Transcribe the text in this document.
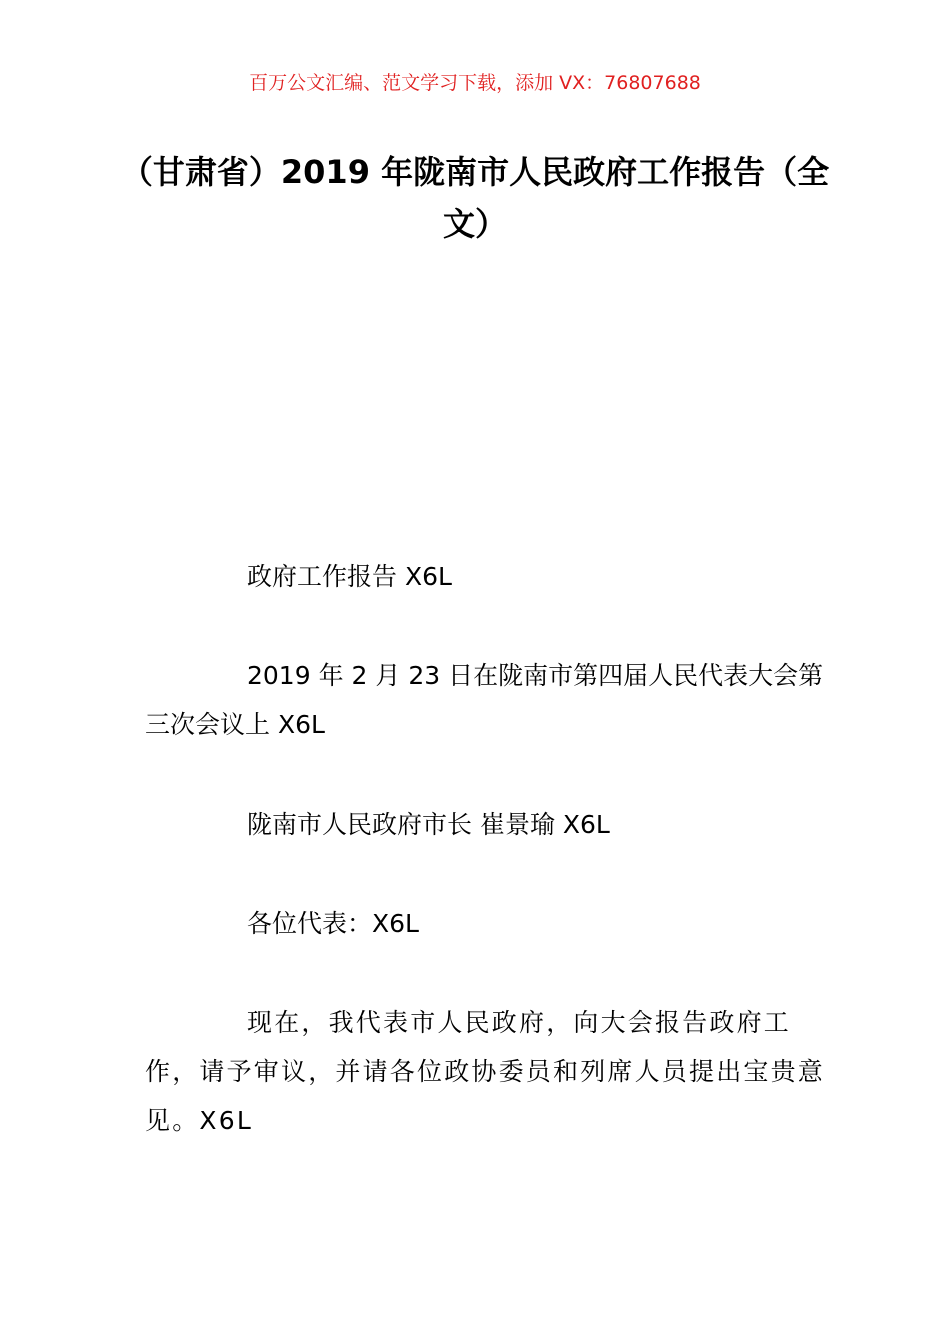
百万公文汇编、范文学习下载，添加 VX：76807688
（甘肃省）2019 年陇南市人民政府工作报告（全文）

政府工作报告 X6L

2019 年 2 月 23 日在陇南市第四届人民代表大会第三次会议上 X6L

陇南市人民政府市长 崔景瑜 X6L

各位代表：X6L

现在，我代表市人民政府，向大会报告政府工作，请予审议，并请各位政协委员和列席人员提出宝贵意见。X6L
